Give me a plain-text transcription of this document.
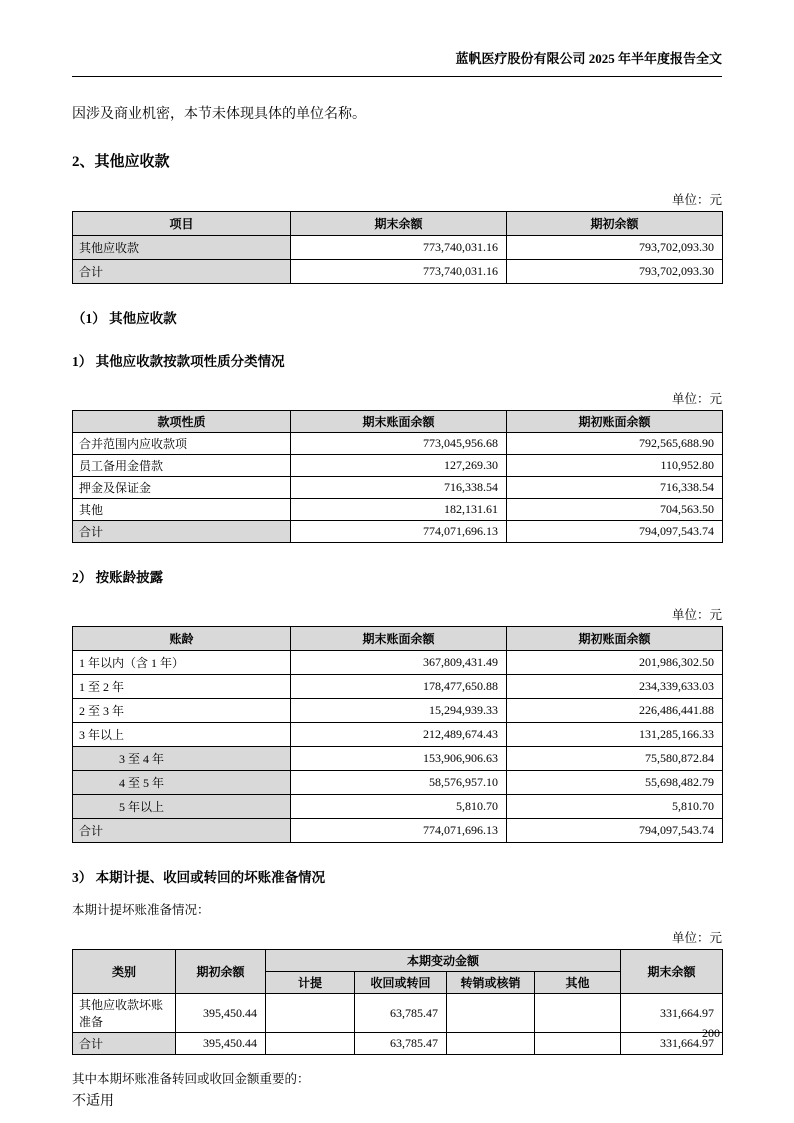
蓝帆医疗股份有限公司 2025 年半年度报告全文
因涉及商业机密，本节未体现具体的单位名称。
2、其他应收款
单位：元
项目	期末余额	期初余额
其他应收款	773,740,031.16	793,702,093.30
合计	773,740,031.16	793,702,093.30
（1） 其他应收款
1） 其他应收款按款项性质分类情况
单位：元
款项性质	期末账面余额	期初账面余额
合并范围内应收款项	773,045,956.68	792,565,688.90
员工备用金借款	127,269.30	110,952.80
押金及保证金	716,338.54	716,338.54
其他	182,131.61	704,563.50
合计	774,071,696.13	794,097,543.74
2） 按账龄披露
单位：元
账龄	期末账面余额	期初账面余额
1 年以内（含 1 年）	367,809,431.49	201,986,302.50
1 至 2 年	178,477,650.88	234,339,633.03
2 至 3 年	15,294,939.33	226,486,441.88
3 年以上	212,489,674.43	131,285,166.33
3 至 4 年	153,906,906.63	75,580,872.84
4 至 5 年	58,576,957.10	55,698,482.79
5 年以上	5,810.70	5,810.70
合计	774,071,696.13	794,097,543.74
3） 本期计提、收回或转回的坏账准备情况
本期计提坏账准备情况：
单位：元
类别	期初余额	本期变动金额				期末余额
		计提	收回或转回	转销或核销	其他	
其他应收款坏账准备	395,450.44		63,785.47			331,664.97
合计	395,450.44		63,785.47			331,664.97
其中本期坏账准备转回或收回金额重要的：
不适用
200
